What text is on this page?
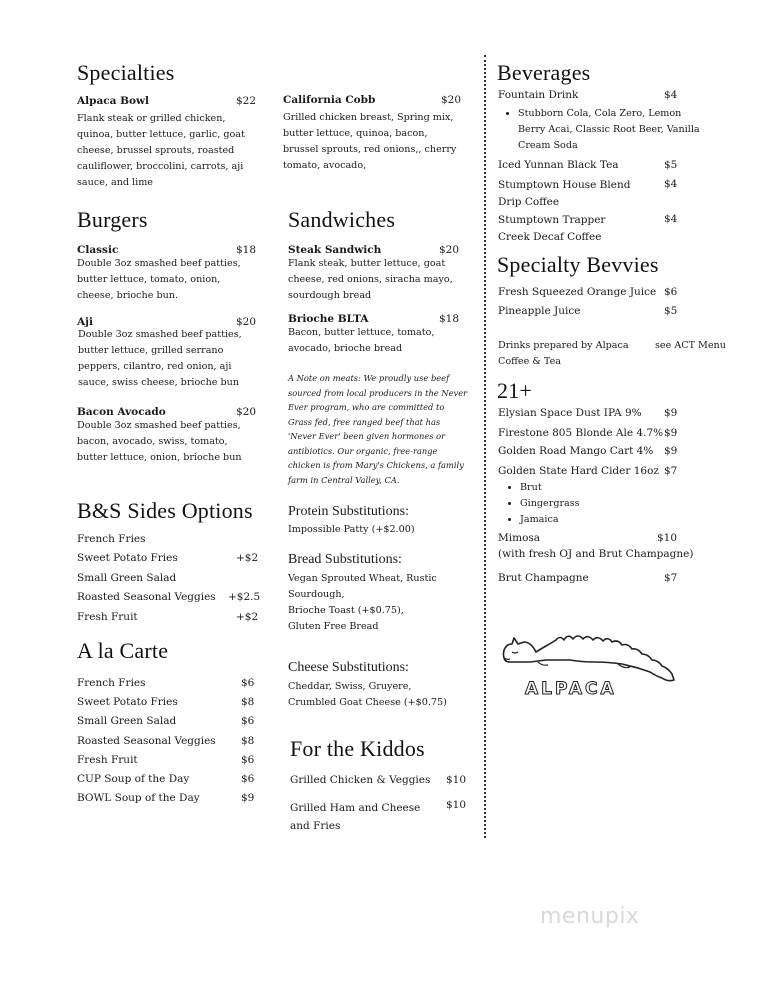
Specialties
Alpaca Bowl	$22
Flank steak or grilled chicken, quinoa, butter lettuce, garlic, goat cheese, brussel sprouts, roasted cauliflower, broccolini, carrots, aji sauce, and lime
Burgers
Classic	$18
Double 3oz smashed beef patties, butter lettuce, tomato, onion, cheese, brioche bun.
Aji	$20
Double 3oz smashed beef patties, butter lettuce, grilled serrano peppers, cilantro, red onion, aji sauce, swiss cheese, brioche bun
Bacon Avocado	$20
Double 3oz smashed beef patties, bacon, avocado, swiss, tomato, butter lettuce, onion, brioche bun
B&S Sides Options
French Fries
Sweet Potato Fries	+$2
Small Green Salad
Roasted Seasonal Veggies +$2.5
Fresh Fruit	+$2
A la Carte
French Fries	$6
Sweet Potato Fries	$8
Small Green Salad	$6
Roasted Seasonal Veggies $8
Fresh Fruit	$6
CUP Soup of the Day	$6
BOWL Soup of the Day	$9
California Cobb	$20
Grilled chicken breast, Spring mix, butter lettuce, quinoa, bacon, brussel sprouts, red onions,, cherry tomato, avocado,
Sandwiches
Steak Sandwich	$20
Flank steak, butter lettuce, goat cheese, red onions, siracha mayo, sourdough bread
Brioche BLTA	$18
Bacon, butter lettuce, tomato, avocado, brioche bread
A Note on meats: We proudly use beef sourced from local producers in the Never Ever program, who are committed to Grass fed, free ranged beef that has 'Never Ever' been given hormones or antibiotics. Our organic, free-range chicken is from Mary's Chickens, a family farm in Central Valley, CA.
Protein Substitutions:
Impossible Patty (+$2.00)
Bread Substitutions:
Vegan Sprouted Wheat, Rustic Sourdough,
Brioche Toast (+$0.75),
Gluten Free Bread
Cheese Substitutions:
Cheddar, Swiss, Gruyere,
Crumbled Goat Cheese (+$0.75)
For the Kiddos
Grilled Chicken & Veggies $10
Grilled Ham and Cheese and Fries
$10
Beverages
Fountain Drink	$4
• Stubborn Cola, Cola Zero, Lemon Berry Acai, Classic Root Beer, Vanilla Cream Soda
Iced Yunnan Black Tea	$5
Stumptown House Blend Drip Coffee
$4
Stumptown Trapper Creek Decaf Coffee
$4
Specialty Bevvies
Fresh Squeezed Orange Juice $6
Pineapple Juice	$5
Drinks prepared by Alpaca Coffee & Tea
see ACT Menu
21+
Elysian Space Dust IPA 9% $9
Firestone 805 Blonde Ale 4.7% $9
Golden Road Mango Cart 4% $9
Golden State Hard Cider 16oz $7
• Brut
• Gingergrass
• Jamaica
Mimosa	$10
(with fresh OJ and Brut Champagne)
Brut Champagne	$7
ALPACA
menupix
